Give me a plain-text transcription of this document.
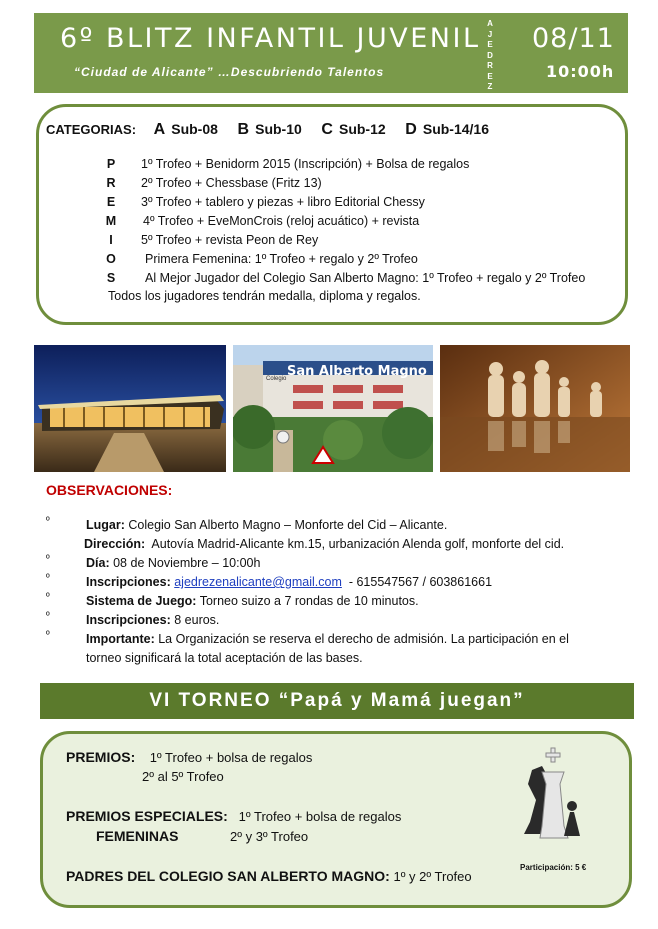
6º BLITZ INFANTIL JUVENIL
“Ciudad de Alicante” …Descubriendo Talentos
A
J
E
D
R
E
Z
08/11
10:00h
CATEGORIAS: A Sub-08 B Sub-10 C Sub-12 D Sub-14/16
P	1º Trofeo + Benidorm 2015 (Inscripción) + Bolsa de regalos
R	2º Trofeo + Chessbase (Fritz 13)
E	3º Trofeo + tablero y piezas + libro Editorial Chessy
M	4º Trofeo + EveMonCrois (reloj acuático) + revista
I	5º Trofeo + revista Peon de Rey
O	Primera Femenina: 1º Trofeo + regalo y 2º Trofeo
S	Al Mejor Jugador del Colegio San Alberto Magno: 1º Trofeo + regalo y 2º Trofeo
Todos los jugadores tendrán medalla, diploma y regalos.
San Alberto Magno
Colegio
OBSERVACIONES:
º	Lugar: Colegio San Alberto Magno – Monforte del Cid – Alicante.
Dirección: Autovía Madrid-Alicante km.15, urbanización Alenda golf, monforte del cid.
º	Día: 08 de Noviembre – 10:00h
º	Inscripciones: ajedrezenalicante@gmail.com - 615547567 / 603861661
º	Sistema de Juego: Torneo suizo a 7 rondas de 10 minutos.
º	Inscripciones: 8 euros.
º	Importante: La Organización se reserva el derecho de admisión. La participación en el
torneo significará la total aceptación de las bases.
VI TORNEO “Papá y Mamá juegan”
PREMIOS: 1º Trofeo + bolsa de regalos
2º al 5º Trofeo
PREMIOS ESPECIALES: 1º Trofeo + bolsa de regalos
FEMENINAS	2º y 3º Trofeo
PADRES DEL COLEGIO SAN ALBERTO MAGNO: 1º y 2º Trofeo
Participación: 5 €
